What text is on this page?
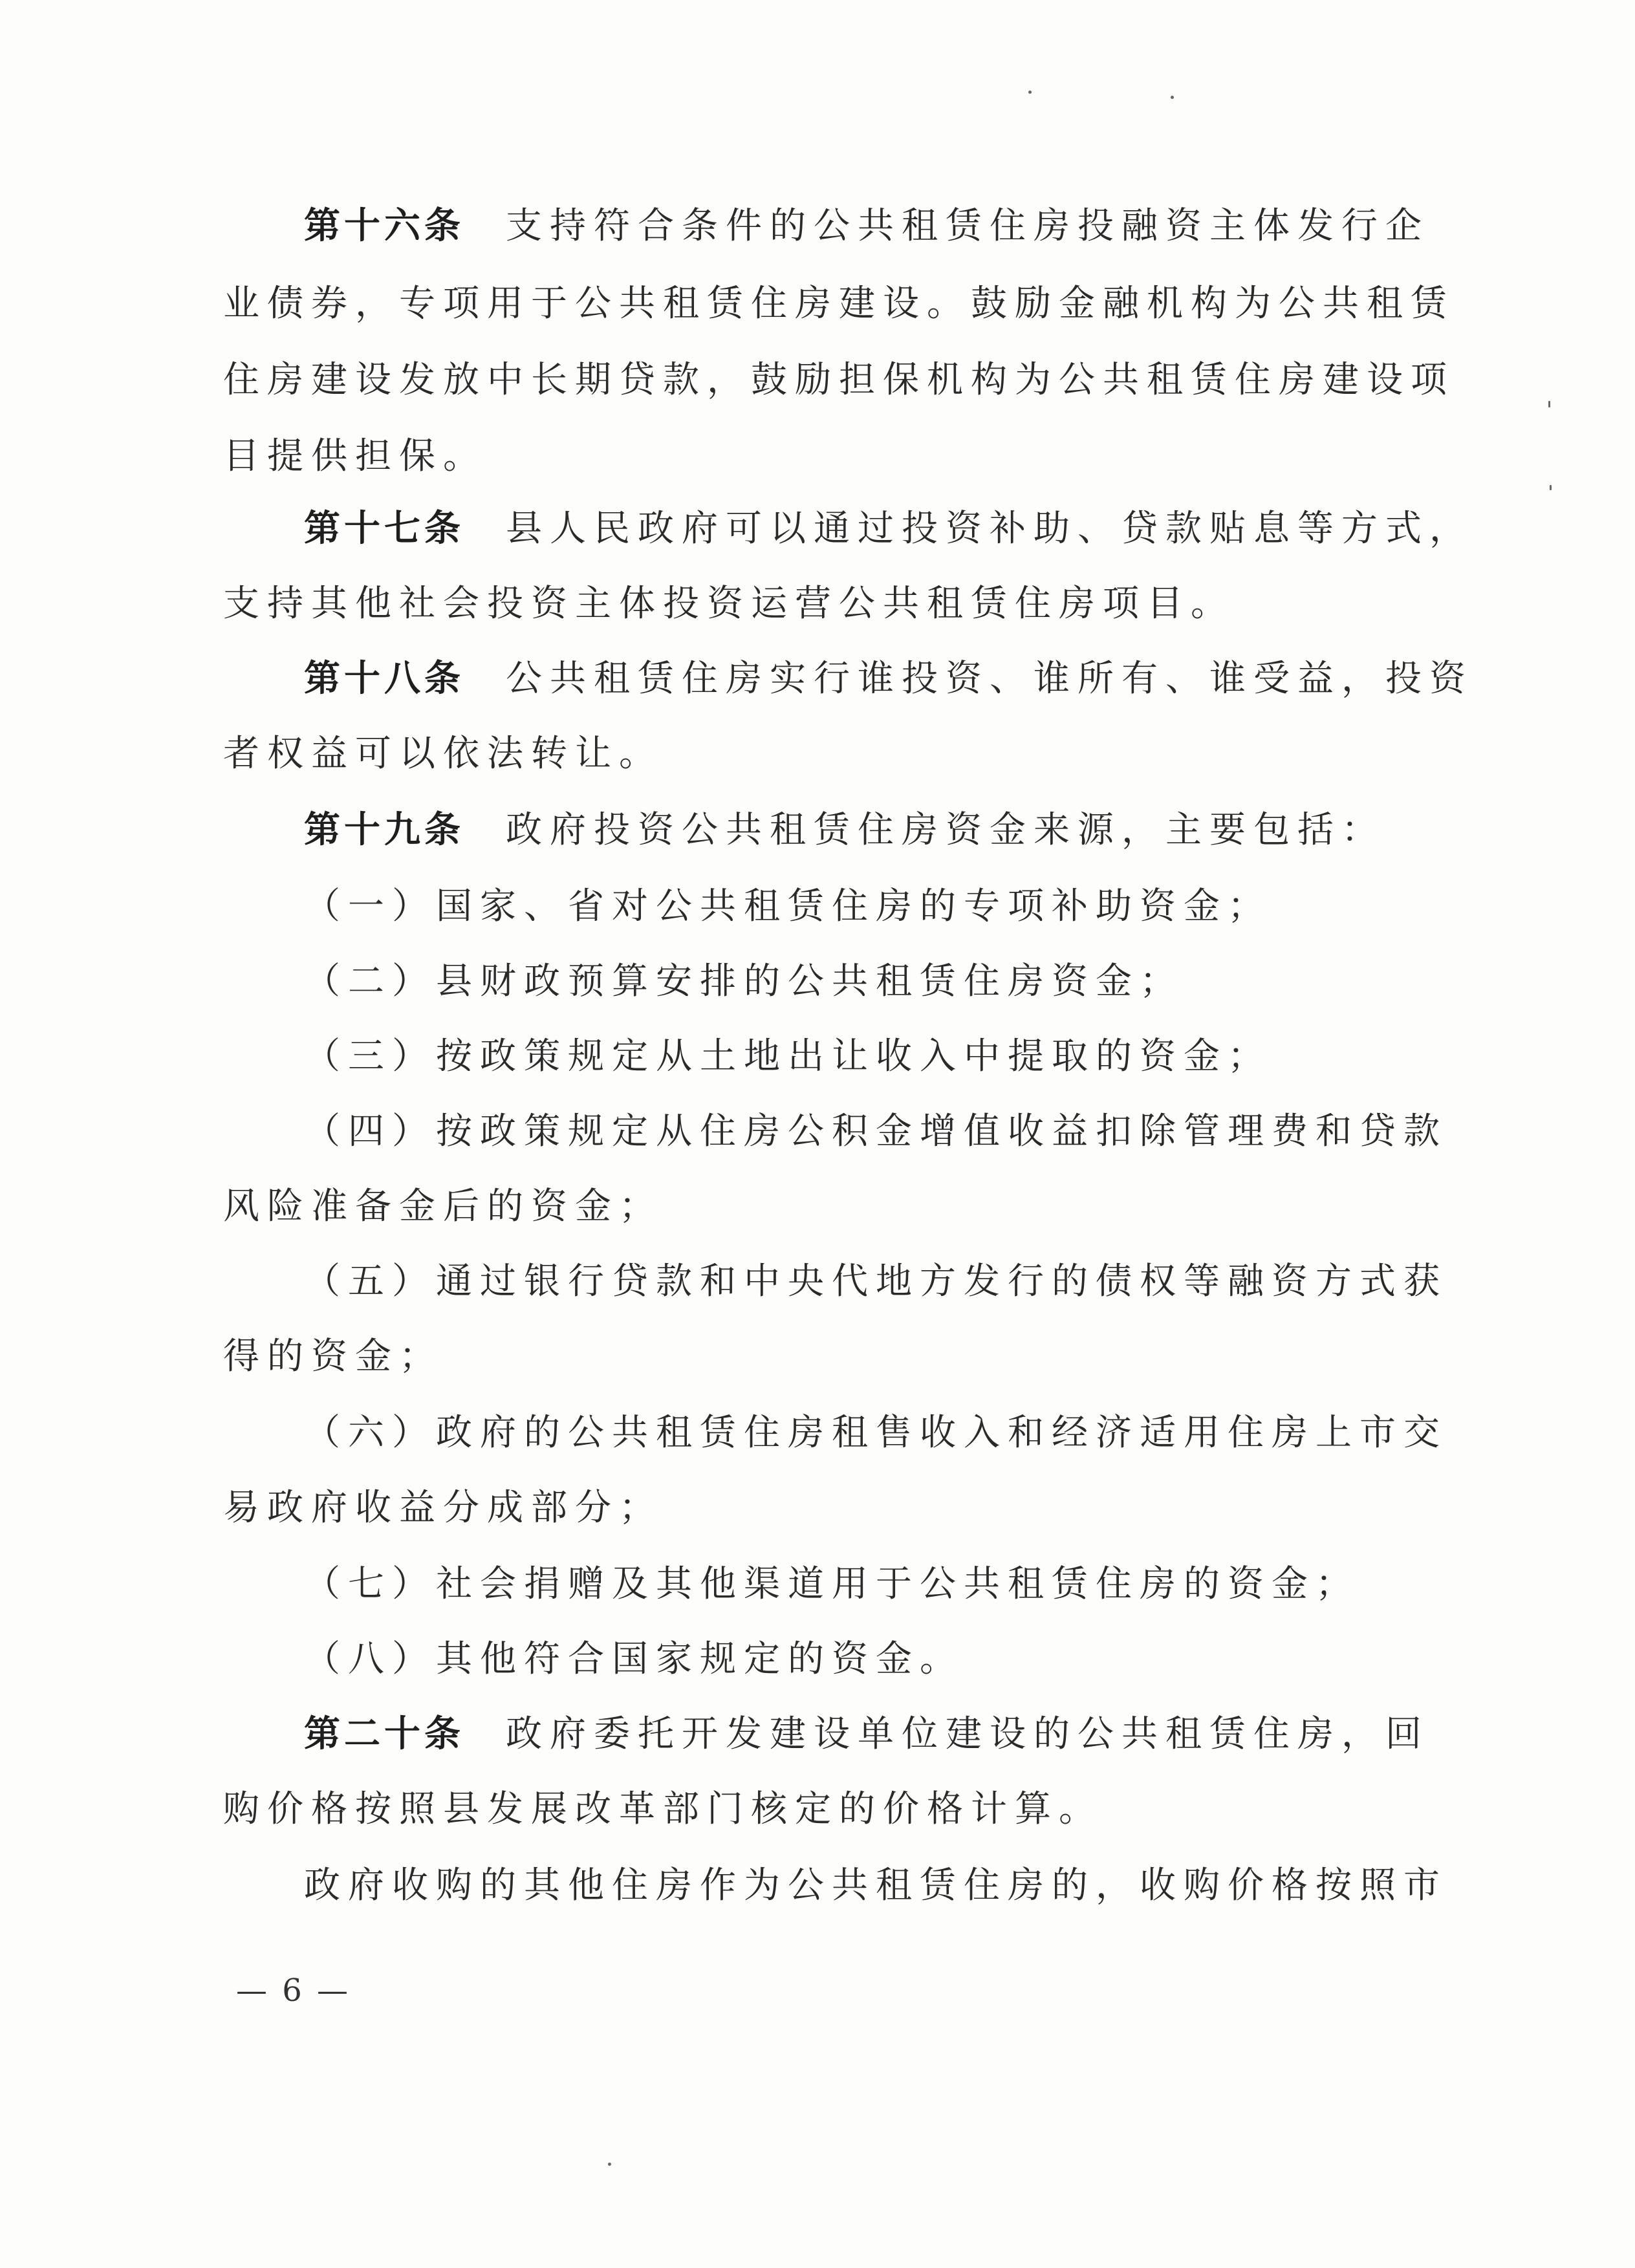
第十六条 支持符合条件的公共租赁住房投融资主体发行企
业债券，专项用于公共租赁住房建设。鼓励金融机构为公共租赁
住房建设发放中长期贷款，鼓励担保机构为公共租赁住房建设项
目提供担保。
第十七条 县人民政府可以通过投资补助、贷款贴息等方式，
支持其他社会投资主体投资运营公共租赁住房项目。
第十八条 公共租赁住房实行谁投资、谁所有、谁受益，投资
者权益可以依法转让。
第十九条 政府投资公共租赁住房资金来源，主要包括：
（一）国家、省对公共租赁住房的专项补助资金；
（二）县财政预算安排的公共租赁住房资金；
（三）按政策规定从土地出让收入中提取的资金；
（四）按政策规定从住房公积金增值收益扣除管理费和贷款
风险准备金后的资金；
（五）通过银行贷款和中央代地方发行的债权等融资方式获
得的资金；
（六）政府的公共租赁住房租售收入和经济适用住房上市交
易政府收益分成部分；
（七）社会捐赠及其他渠道用于公共租赁住房的资金；
（八）其他符合国家规定的资金。
第二十条 政府委托开发建设单位建设的公共租赁住房，回
购价格按照县发展改革部门核定的价格计算。
政府收购的其他住房作为公共租赁住房的，收购价格按照市
— 6 —
